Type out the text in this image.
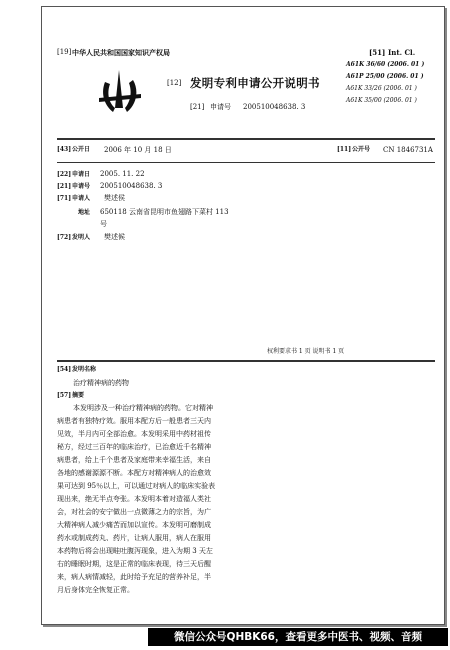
[19] 中华人民共和国国家知识产权局
[12] 发明专利申请公开说明书
[21] 申请号 200510048638. 3
[51] Int. Cl.
A61K 36/60 (2006. 01 )
A61P 25/00 (2006. 01 )
A61K 33/26 (2006. 01 )
A61K 35/00 (2006. 01 )
[43] 公开日 2006 年 10 月 18 日	[11] 公开号 CN 1846731A
[22] 申请日 2005. 11. 22
[21] 申请号 200510048638. 3
[71] 申请人 樊述侯
地址 650118 云南省昆明市鱼翅路下菜村 113
号
[72] 发明人 樊述候
权利要求书 1 页 说明书 1 页
[54] 发明名称
治疗精神病的药物
[57] 摘要
本发明涉及一种治疗精神病的药物。它对精神
病患者有独特疗效。服用本配方后一般患者三天内
见效，半月内可全部治愈。本发明采用中药材祖传
秘方，经过三百年的临床治疗，已治愈近千名精神
病患者，给上千个患者及家庭带来幸福生活，来自
各地的感谢源源不断。本配方对精神病人的治愈效
果可达到 95％以上，可以通过对病人的临床实验表
现出来，绝无半点夸张。本发明本着对造福人类社
会，对社会的安宁做出一点微薄之力的宗旨，为广
大精神病人减少痛苦而加以宣传。本发明可磨制成
药水或制成药丸、药片，让病人服用，病人在服用
本药物后将会出现畦吐腹泻现象，进入为期 3 天左
右的睡眠时期，这是正常的临床表现，待三天后醒
来，病人病情减轻，此时给予充足的营养补足，半
月后身体完全恢复正常。
微信公众号QHBK66，查看更多中医书、视频、音频
